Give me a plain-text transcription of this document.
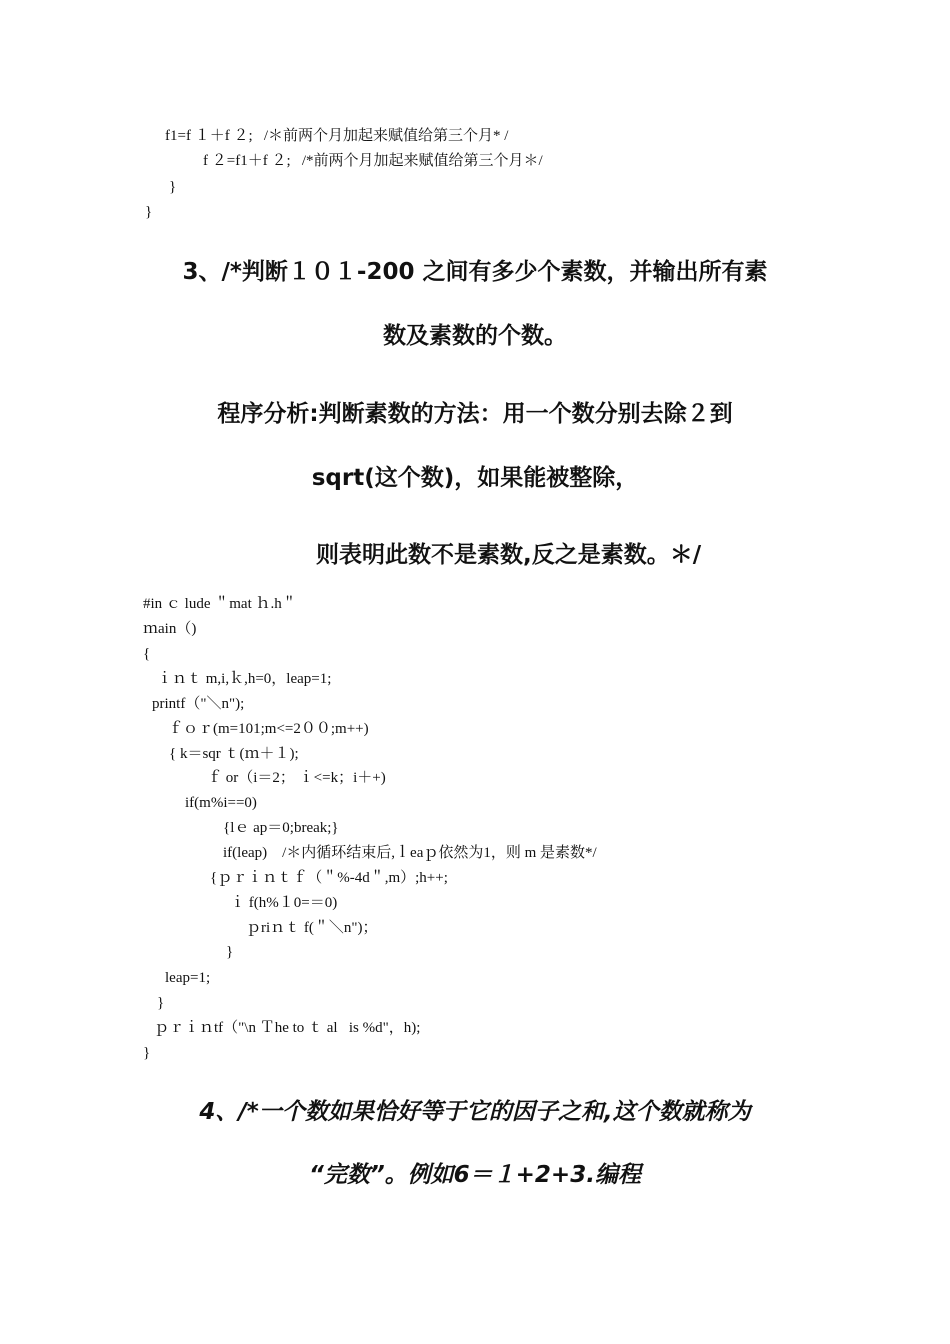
f1=f １＋f ２;   /＊前两个月加起来赋值给第三个月* /
f ２=f1＋f ２;   /*前两个月加起来赋值给第三个月＊/
}
}
3、/*判断１０１-200 之间有多少个素数，并输出所有素
数及素数的个数。
程序分析:判断素数的方法：用一个数分别去除２到
sqrt(这个数)，如果能被整除，
则表明此数不是素数,反之是素数。＊/
#in ｃ lude ＂mat ｈ.h＂
ｍain（)
{
ｉｎｔ m,i,ｋ,h=0，leap=1;
printf（"＼n");
ｆｏｒ(m=101;m<=2００;m++)
{ k＝sqr ｔ(ｍ＋１);
ｆ or（i＝2； ｉ<=k；i＋+)
if(m%i==0)
{lｅ ap＝0;break;}
if(leap)    /＊内循环结束后,ｌeaｐ依然为1，则 m 是素数*/
{ｐｒｉｎｔｆ（＂%-4d＂,m）;h++;
ｉ f(h%１0=＝0)
ｐriｎｔ f(＂＼n")；
}
leap=1;
}
ｐｒｉｎtf（"\n Ｔhe to ｔ al   is %d"，h);
}
4、/*一个数如果恰好等于它的因子之和,这个数就称为
“完数”。例如6＝１+2+3.编程
